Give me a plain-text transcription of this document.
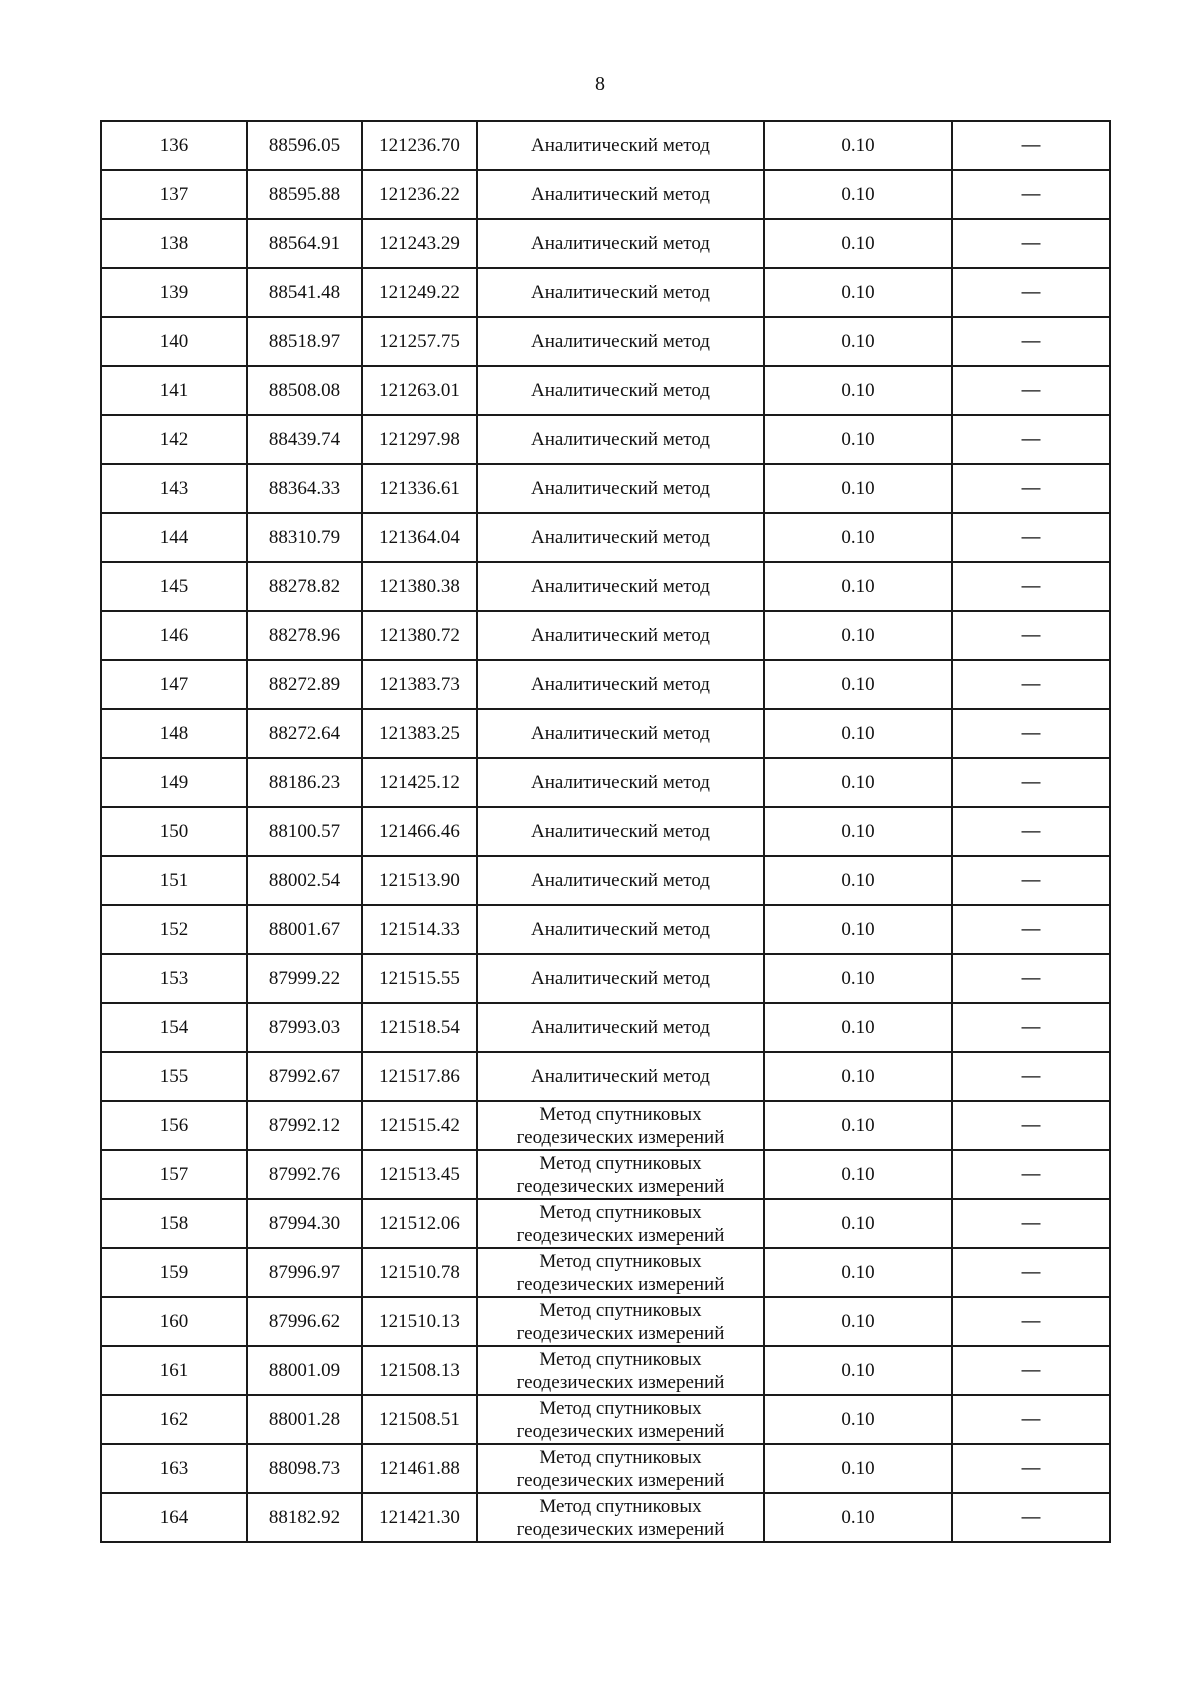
8
136	88596.05	121236.70	Аналитический метод	0.10	—
137	88595.88	121236.22	Аналитический метод	0.10	—
138	88564.91	121243.29	Аналитический метод	0.10	—
139	88541.48	121249.22	Аналитический метод	0.10	—
140	88518.97	121257.75	Аналитический метод	0.10	—
141	88508.08	121263.01	Аналитический метод	0.10	—
142	88439.74	121297.98	Аналитический метод	0.10	—
143	88364.33	121336.61	Аналитический метод	0.10	—
144	88310.79	121364.04	Аналитический метод	0.10	—
145	88278.82	121380.38	Аналитический метод	0.10	—
146	88278.96	121380.72	Аналитический метод	0.10	—
147	88272.89	121383.73	Аналитический метод	0.10	—
148	88272.64	121383.25	Аналитический метод	0.10	—
149	88186.23	121425.12	Аналитический метод	0.10	—
150	88100.57	121466.46	Аналитический метод	0.10	—
151	88002.54	121513.90	Аналитический метод	0.10	—
152	88001.67	121514.33	Аналитический метод	0.10	—
153	87999.22	121515.55	Аналитический метод	0.10	—
154	87993.03	121518.54	Аналитический метод	0.10	—
155	87992.67	121517.86	Аналитический метод	0.10	—
156	87992.12	121515.42	Метод спутниковых геодезических измерений	0.10	—
157	87992.76	121513.45	Метод спутниковых геодезических измерений	0.10	—
158	87994.30	121512.06	Метод спутниковых геодезических измерений	0.10	—
159	87996.97	121510.78	Метод спутниковых геодезических измерений	0.10	—
160	87996.62	121510.13	Метод спутниковых геодезических измерений	0.10	—
161	88001.09	121508.13	Метод спутниковых геодезических измерений	0.10	—
162	88001.28	121508.51	Метод спутниковых геодезических измерений	0.10	—
163	88098.73	121461.88	Метод спутниковых геодезических измерений	0.10	—
164	88182.92	121421.30	Метод спутниковых геодезических измерений	0.10	—
